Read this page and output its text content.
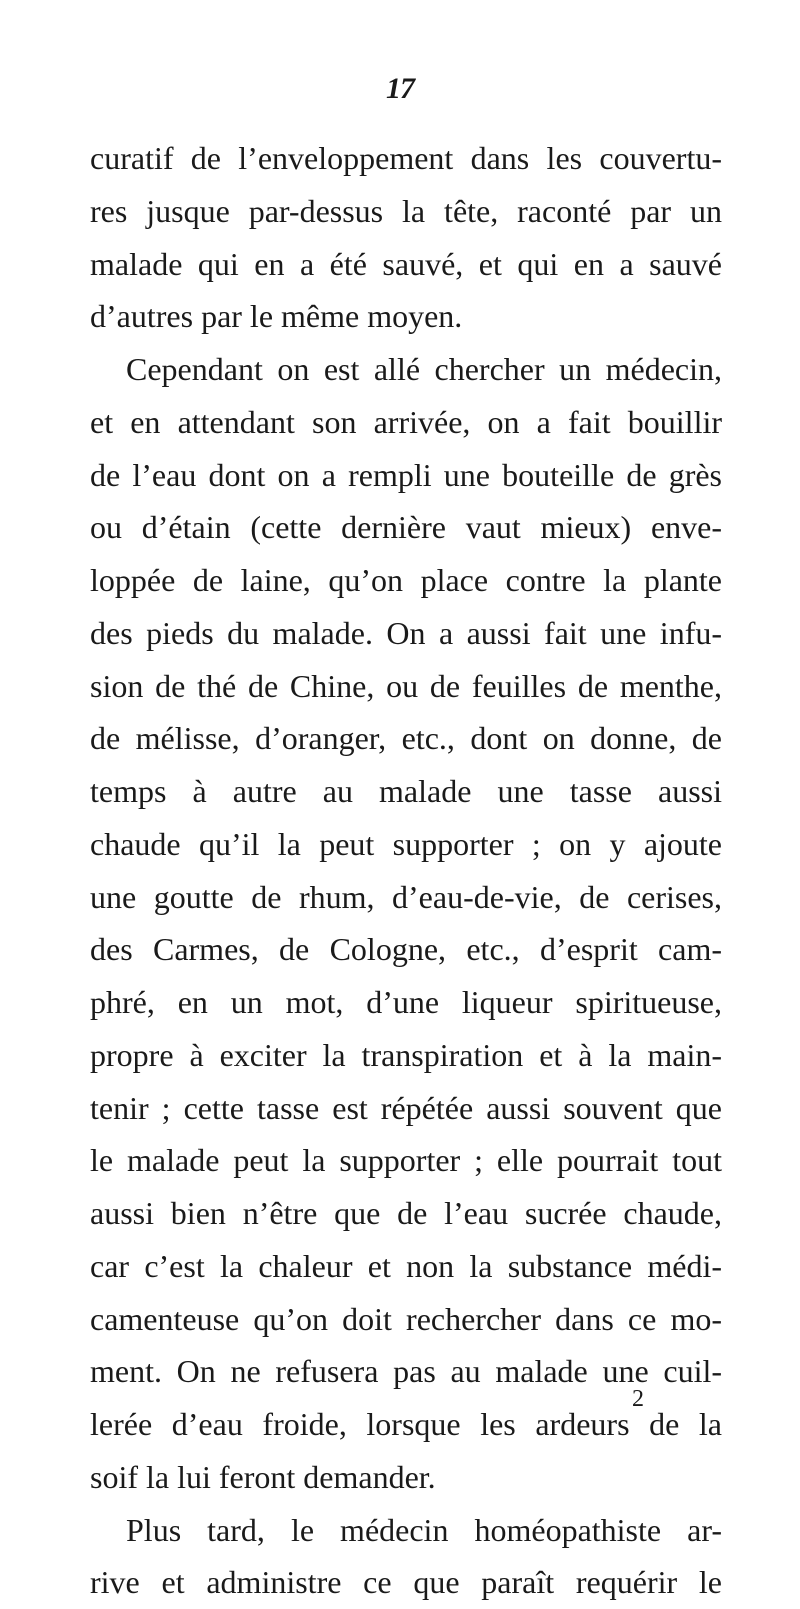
17
curatif de l’enveloppement dans les couvertu-
res jusque par-dessus la tête, raconté par un
malade qui en a été sauvé, et qui en a sauvé
d’autres par le même moyen.
Cependant on est allé chercher un médecin,
et en attendant son arrivée, on a fait bouillir
de l’eau dont on a rempli une bouteille de grès
ou d’étain (cette dernière vaut mieux) enve-
loppée de laine, qu’on place contre la plante
des pieds du malade. On a aussi fait une infu-
sion de thé de Chine, ou de feuilles de menthe,
de mélisse, d’oranger, etc., dont on donne, de
temps à autre au malade une tasse aussi
chaude qu’il la peut supporter ; on y ajoute
une goutte de rhum, d’eau-de-vie, de cerises,
des Carmes, de Cologne, etc., d’esprit cam-
phré, en un mot, d’une liqueur spiritueuse,
propre à exciter la transpiration et à la main-
tenir ; cette tasse est répétée aussi souvent que
le malade peut la supporter ; elle pourrait tout
aussi bien n’être que de l’eau sucrée chaude,
car c’est la chaleur et non la substance médi-
camenteuse qu’on doit rechercher dans ce mo-
ment. On ne refusera pas au malade une cuil-
lerée d’eau froide, lorsque les ardeurs de la
soif la lui feront demander.
Plus tard, le médecin homéopathiste ar-
rive et administre ce que paraît requérir le
2
